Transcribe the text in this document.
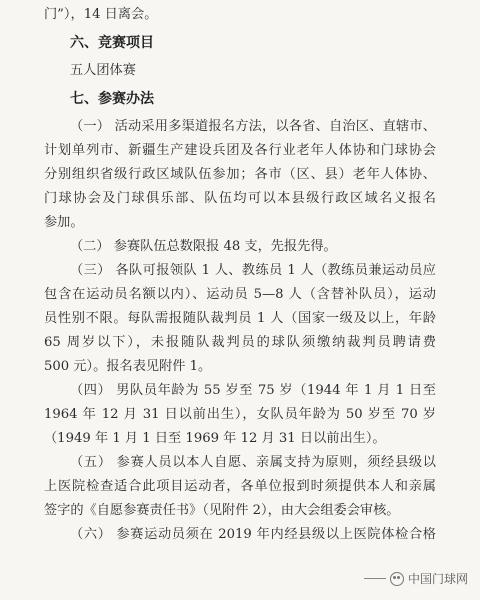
门”），14 日离会。
六、竞赛项目
五人团体赛
七、参赛办法
（一） 活动采用多渠道报名方法，以各省、自治区、直辖市、
计划单列市、新疆生产建设兵团及各行业老年人体协和门球协会
分别组织省级行政区域队伍参加；各市（区、县）老年人体协、
门球协会及门球俱乐部、队伍均可以本县级行政区域名义报名
参加。
（二） 参赛队伍总数限报 48 支，先报先得。
（三） 各队可报领队 1 人、教练员 1 人（教练员兼运动员应
包含在运动员名额以内）、运动员 5—8 人（含替补队员），运动
员性别不限。每队需报随队裁判员 1 人（国家一级及以上，年龄
65 周岁以下），未报随队裁判员的球队须缴纳裁判员聘请费
500 元）。报名表见附件 1。
（四） 男队员年龄为 55 岁至 75 岁（1944 年 1 月 1 日至
1964 年 12 月 31 日以前出生），女队员年龄为 50 岁至 70 岁
（1949 年 1 月 1 日至 1969 年 12 月 31 日以前出生）。
（五） 参赛人员以本人自愿、亲属支持为原则，须经县级以
上医院检查适合此项目运动者，各单位报到时须提供本人和亲属
签字的《自愿参赛责任书》（见附件 2），由大会组委会审核。
（六） 参赛运动员须在 2019 年内经县级以上医院体检合格
中国门球网
